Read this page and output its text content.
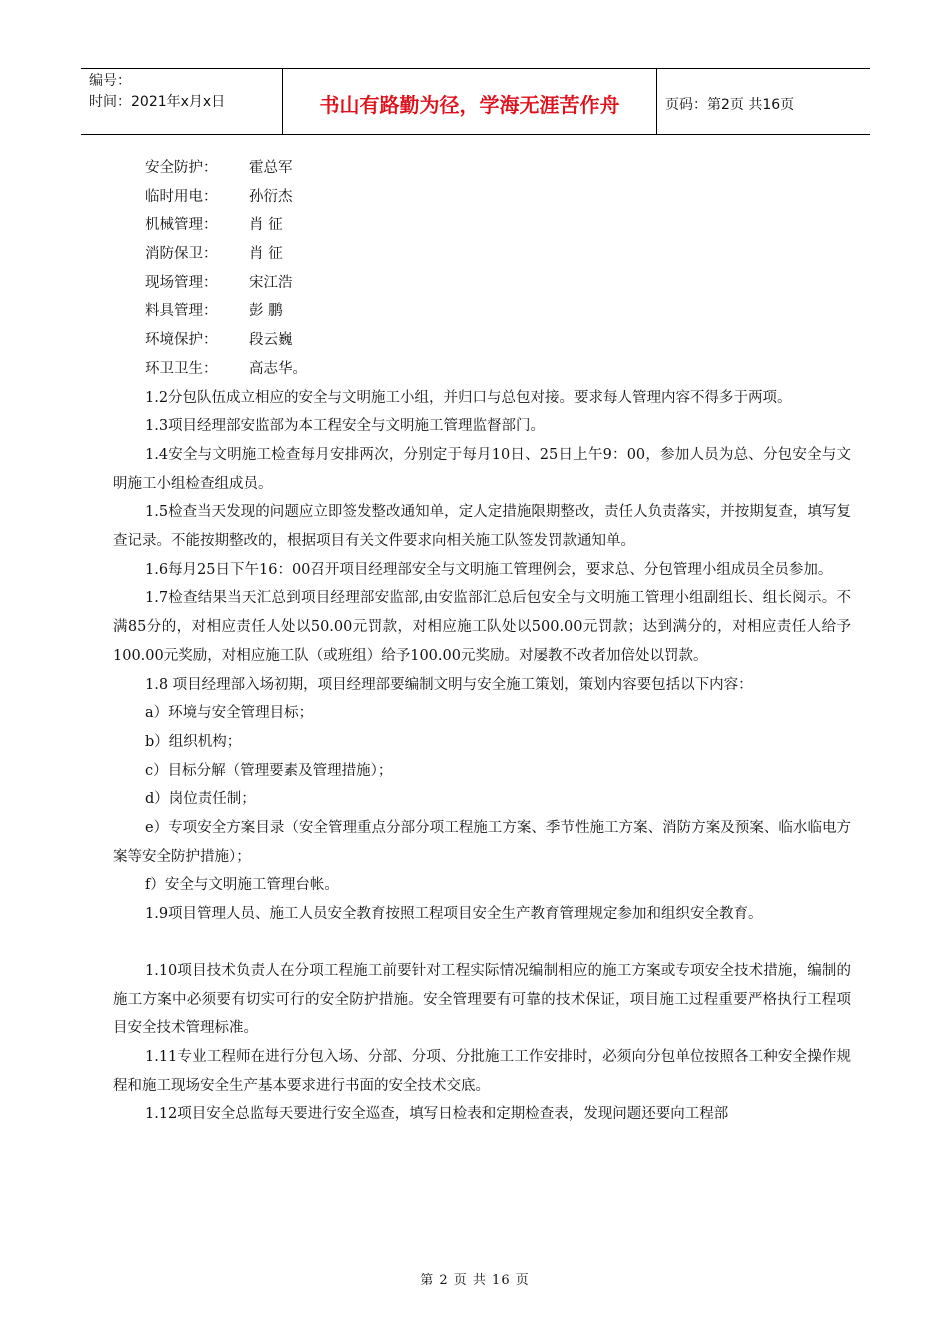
编号：
时间：2021年x月x日	书山有路勤为径，学海无涯苦作舟	页码：第2页 共16页
安全防护：	霍总军
临时用电：	孙衍杰
机械管理：	肖 征
消防保卫：	肖 征
现场管理：	宋江浩
料具管理：	彭 鹏
环境保护：	段云巍
环卫卫生：	高志华。

1.2分包队伍成立相应的安全与文明施工小组，并归口与总包对接。要求每人管理内容不得多于两项。

1.3项目经理部安监部为本工程安全与文明施工管理监督部门。

1.4安全与文明施工检查每月安排两次，分别定于每月10日、25日上午9：00，参加人员为总、分包安全与文明施工小组检查组成员。

1.5检查当天发现的问题应立即签发整改通知单，定人定措施限期整改，责任人负责落实，并按期复查，填写复查记录。不能按期整改的，根据项目有关文件要求向相关施工队签发罚款通知单。

1.6每月25日下午16：00召开项目经理部安全与文明施工管理例会，要求总、分包管理小组成员全员参加。

1.7检查结果当天汇总到项目经理部安监部,由安监部汇总后包安全与文明施工管理小组副组长、组长阅示。不满85分的，对相应责任人处以50.00元罚款，对相应施工队处以500.00元罚款；达到满分的，对相应责任人给予100.00元奖励，对相应施工队（或班组）给予100.00元奖励。对屡教不改者加倍处以罚款。

1.8 项目经理部入场初期，项目经理部要编制文明与安全施工策划，策划内容要包括以下内容：

a）环境与安全管理目标；

b）组织机构；

c）目标分解（管理要素及管理措施）；

d）岗位责任制；

e）专项安全方案目录（安全管理重点分部分项工程施工方案、季节性施工方案、消防方案及预案、临水临电方案等安全防护措施）；

f）安全与文明施工管理台帐。

1.9项目管理人员、施工人员安全教育按照工程项目安全生产教育管理规定参加和组织安全教育。

1.10项目技术负责人在分项工程施工前要针对工程实际情况编制相应的施工方案或专项安全技术措施，编制的施工方案中必须要有切实可行的安全防护措施。安全管理要有可靠的技术保证，项目施工过程重要严格执行工程项目安全技术管理标准。

1.11专业工程师在进行分包入场、分部、分项、分批施工工作安排时，必须向分包单位按照各工种安全操作规程和施工现场安全生产基本要求进行书面的安全技术交底。

1.12项目安全总监每天要进行安全巡查，填写日检表和定期检查表，发现问题还要向工程部

第 2 页 共 16 页
